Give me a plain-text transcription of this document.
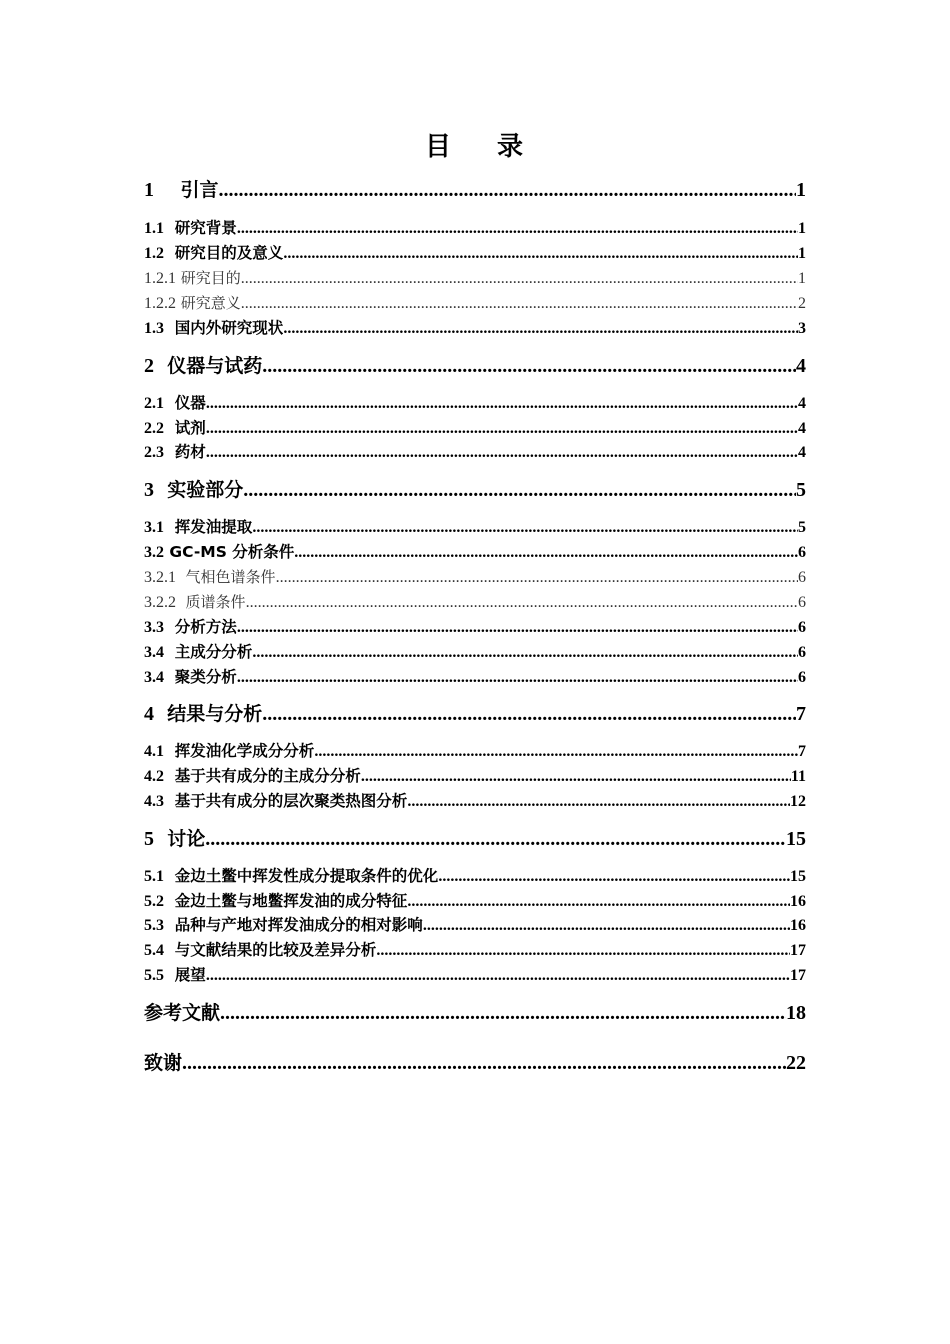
目 录
1 引言 .....	1
1.1 研究背景 .....	1
1.2 研究目的及意义 .....	1
1.2.1 研究目的 .....	1
1.2.2 研究意义 .....	2
1.3 国内外研究现状 .....	3
2 仪器与试药 .....	4
2.1 仪器 .....	4
2.2 试剂 .....	4
2.3 药材 .....	4
3 实验部分 .....	5
3.1 挥发油提取 .....	5
3.2 GC-MS 分析条件 .....	6
3.2.1 气相色谱条件 .....	6
3.2.2 质谱条件 .....	6
3.3 分析方法 .....	6
3.4 主成分分析 .....	6
3.4 聚类分析 .....	6
4 结果与分析 .....	7
4.1 挥发油化学成分分析 .....	7
4.2 基于共有成分的主成分分析 .....	11
4.3 基于共有成分的层次聚类热图分析 .....	12
5 讨论 .....	15
5.1 金边土鳖中挥发性成分提取条件的优化 .....	15
5.2 金边土鳖与地鳖挥发油的成分特征 .....	16
5.3 品种与产地对挥发油成分的相对影响 .....	16
5.4 与文献结果的比较及差异分析 .....	17
5.5 展望 .....	17
参考文献 .....	18
致谢 .....	22
